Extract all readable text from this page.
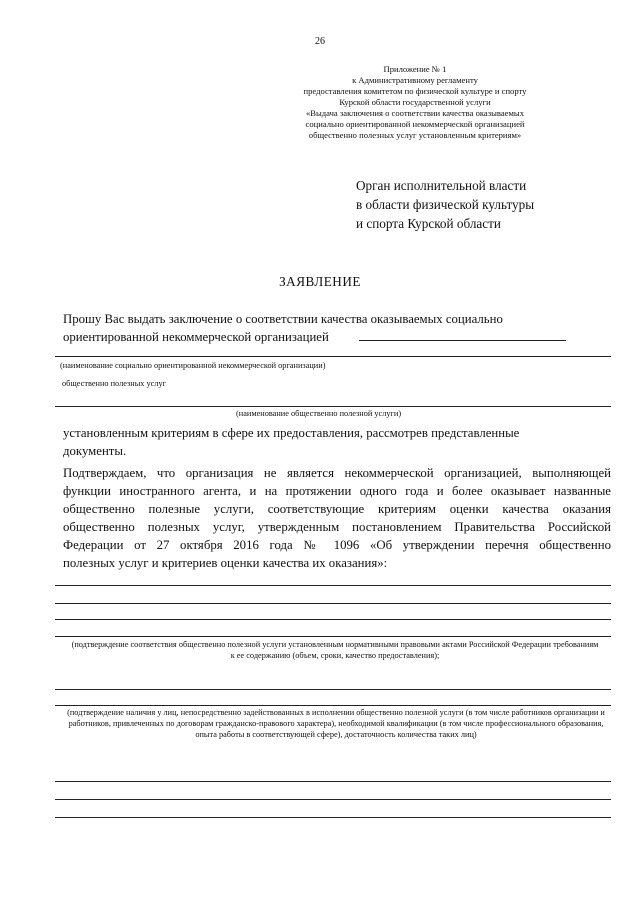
26
Приложение № 1
к Административному регламенту
предоставления комитетом по физической культуре и спорту
Курской области государственной услуги
«Выдача заключения о соответствии качества оказываемых
социально ориентированной некоммерческой организацией
общественно полезных услуг установленным критериям»
Орган исполнительной власти
в области физической культуры
и спорта Курской области
ЗАЯВЛЕНИЕ
Прошу Вас выдать заключение о соответствии качества оказываемых социально
ориентированной некоммерческой организацией
(наименование социально ориентированной некоммерческой организации)
общественно полезных услуг
(наименование общественно полезной услуги)
установленным критериям в сфере их предоставления, рассмотрев представленные
документы.
Подтверждаем, что организация не является некоммерческой организацией, выполняющей
функции иностранного агента, и на протяжении одного года и более оказывает названные
общественно полезные услуги, соответствующие критериям оценки качества оказания
общественно полезных услуг, утвержденным постановлением Правительства Российской
Федерации от 27 октября 2016 года № 1096 «Об утверждении перечня общественно
полезных услуг и критериев оценки качества их оказания»:
(подтверждение соответствия общественно полезной услуги установленным нормативными правовыми актами Российской Федерации требованиям к ее содержанию (объем, сроки, качество предоставления);
(подтверждение наличия у лиц, непосредственно задействованных в исполнении общественно полезной услуги (в том числе работников организации и работников, привлеченных по договорам гражданско-правового характера), необходимой квалификации (в том числе профессионального образования, опыта работы в соответствующей сфере), достаточность количества таких лиц)
